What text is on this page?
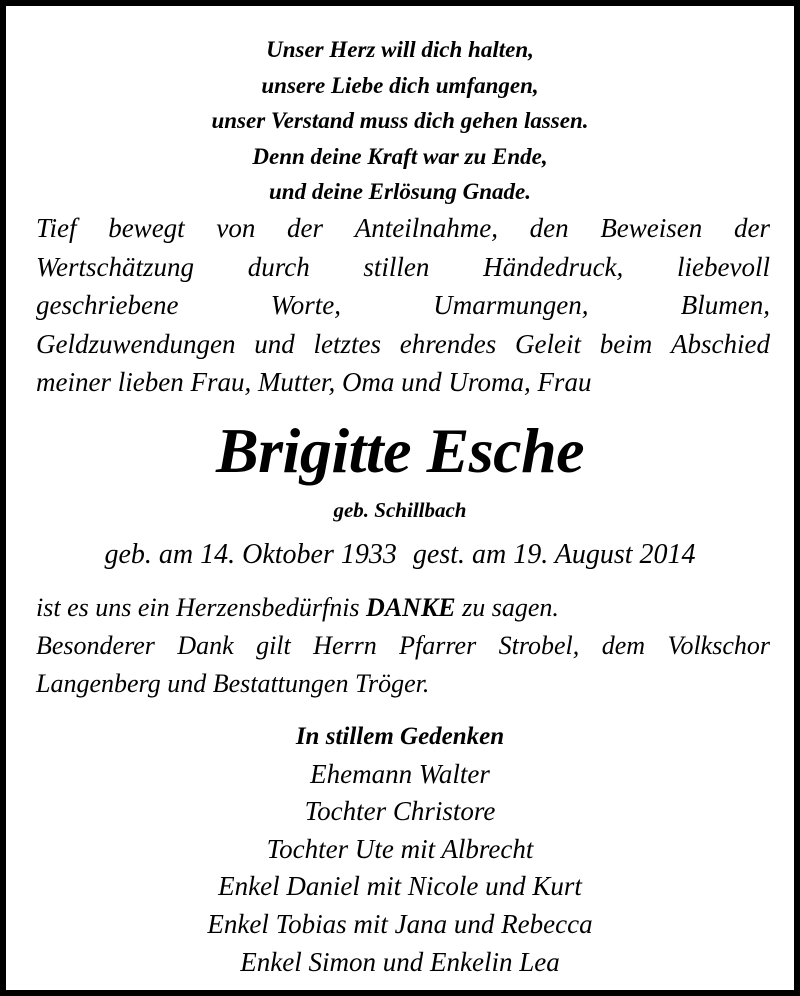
Unser Herz will dich halten,
unsere Liebe dich umfangen,
unser Verstand muss dich gehen lassen.
Denn deine Kraft war zu Ende,
und deine Erlösung Gnade.
Tief bewegt von der Anteilnahme, den Beweisen der
Wertschätzung durch stillen Händedruck, liebevoll
geschriebene	Worte,	Umarmungen,	Blumen,
Geldzuwendungen und letztes ehrendes Geleit beim Abschied
meiner lieben Frau, Mutter, Oma und Uroma, Frau
Brigitte Esche
geb. Schillbach
geb. am 14. Oktober 1933 gest. am 19. August 2014
ist es uns ein Herzensbedürfnis DANKE zu sagen.
Besonderer Dank gilt Herrn Pfarrer Strobel, dem Volkschor
Langenberg und Bestattungen Tröger.
In stillem Gedenken
Ehemann Walter
Tochter Christore
Tochter Ute mit Albrecht
Enkel Daniel mit Nicole und Kurt
Enkel Tobias mit Jana und Rebecca
Enkel Simon und Enkelin Lea
